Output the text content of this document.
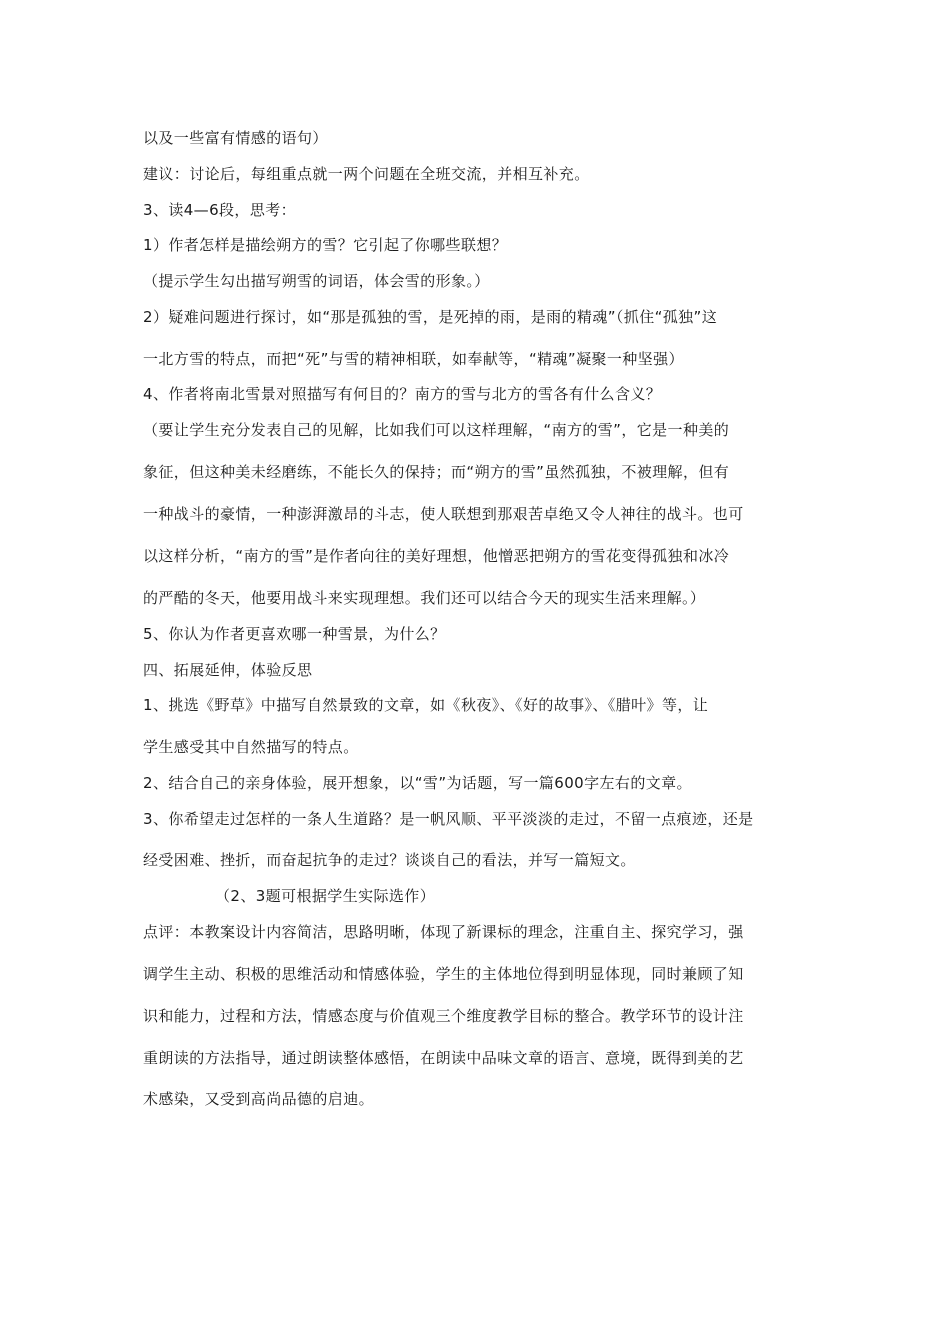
以及一些富有情感的语句）
建议：讨论后，每组重点就一两个问题在全班交流，并相互补充。
3、读4—6段，思考：
1）作者怎样是描绘朔方的雪？它引起了你哪些联想？
（提示学生勾出描写朔雪的词语，体会雪的形象。）
2）疑难问题进行探讨，如“那是孤独的雪，是死掉的雨，是雨的精魂”（抓住“孤独”这
一北方雪的特点，而把“死”与雪的精神相联，如奉献等，“精魂”凝聚一种坚强）
4、作者将南北雪景对照描写有何目的？南方的雪与北方的雪各有什么含义？
（要让学生充分发表自己的见解，比如我们可以这样理解，“南方的雪”，它是一种美的
象征，但这种美未经磨练，不能长久的保持；而“朔方的雪”虽然孤独，不被理解，但有
一种战斗的豪情，一种澎湃激昂的斗志，使人联想到那艰苦卓绝又令人神往的战斗。也可
以这样分析，“南方的雪”是作者向往的美好理想，他憎恶把朔方的雪花变得孤独和冰冷
的严酷的冬天，他要用战斗来实现理想。我们还可以结合今天的现实生活来理解。）
5、你认为作者更喜欢哪一种雪景，为什么？
四、拓展延伸，体验反思
1、挑选《野草》中描写自然景致的文章，如《秋夜》、《好的故事》、《腊叶》等，让
学生感受其中自然描写的特点。
2、结合自己的亲身体验，展开想象，以“雪”为话题，写一篇600字左右的文章。
3、你希望走过怎样的一条人生道路？是一帆风顺、平平淡淡的走过，不留一点痕迹，还是
经受困难、挫折，而奋起抗争的走过？谈谈自己的看法，并写一篇短文。
（2、3题可根据学生实际选作）
点评：本教案设计内容简洁，思路明晰，体现了新课标的理念，注重自主、探究学习，强
调学生主动、积极的思维活动和情感体验，学生的主体地位得到明显体现，同时兼顾了知
识和能力，过程和方法，情感态度与价值观三个维度教学目标的整合。教学环节的设计注
重朗读的方法指导，通过朗读整体感悟，在朗读中品味文章的语言、意境，既得到美的艺
术感染，又受到高尚品德的启迪。
